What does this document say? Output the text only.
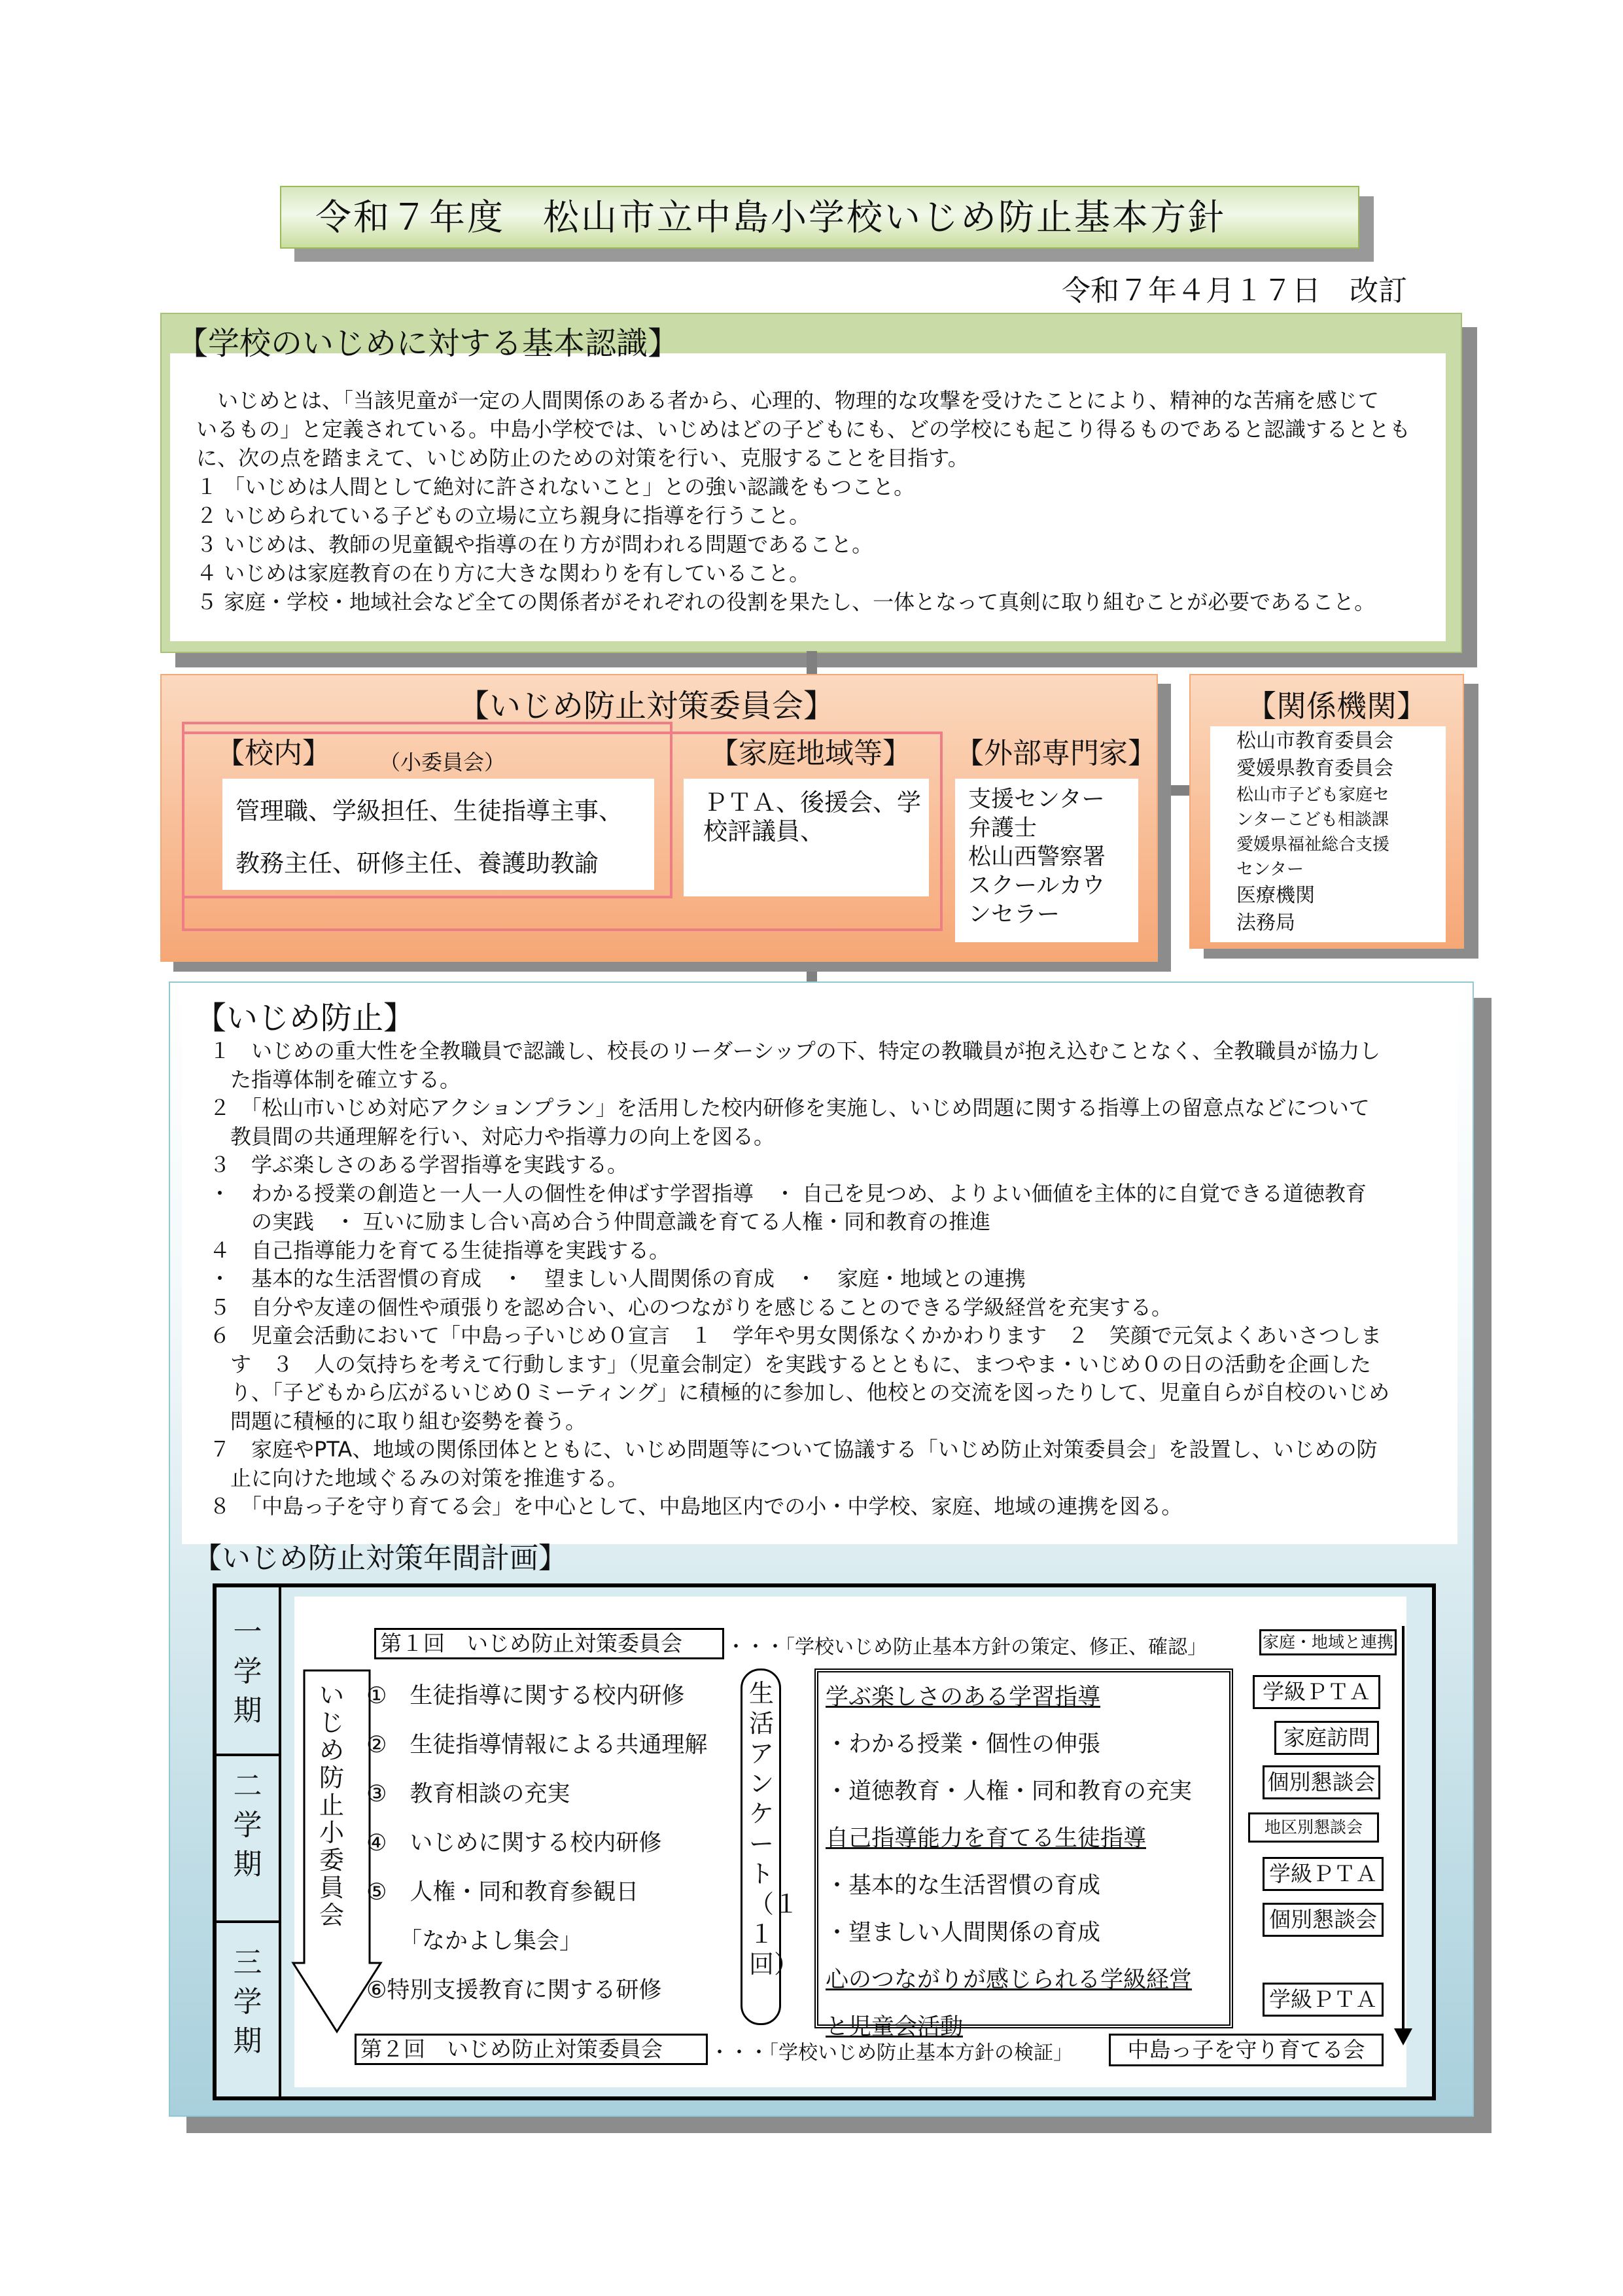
令和７年度　松山市立中島小学校いじめ防止基本方針
令和７年４月１７日　改訂
【学校のいじめに対する基本認識】
　いじめとは、「当該児童が一定の人間関係のある者から、心理的、物理的な攻撃を受けたことにより、精神的な苦痛を感じて
いるもの」と定義されている。中島小学校では、いじめはどの子どもにも、どの学校にも起こり得るものであると認識するととも
に、次の点を踏まえて、いじめ防止のための対策を行い、克服することを目指す。
１ 「いじめは人間として絶対に許されないこと」との強い認識をもつこと。
２ いじめられている子どもの立場に立ち親身に指導を行うこと。
３ いじめは、教師の児童観や指導の在り方が問われる問題であること。
４ いじめは家庭教育の在り方に大きな関わりを有していること。
５ 家庭・学校・地域社会など全ての関係者がそれぞれの役割を果たし、一体となって真剣に取り組むことが必要であること。
【いじめ防止対策委員会】
【校内】 （小委員会）
管理職、学級担任、生徒指導主事、
教務主任、研修主任、養護助教諭
【家庭地域等】
ＰＴＡ、後援会、学
校評議員、
【外部専門家】
支援センター
弁護士
松山西警察署
スクールカウ
ンセラー
【関係機関】
松山市教育委員会
愛媛県教育委員会
松山市子ども家庭セ
ンターこども相談課
愛媛県福祉総合支援
センター
医療機関
法務局
【いじめ防止】
１　いじめの重大性を全教職員で認識し、校長のリーダーシップの下、特定の教職員が抱え込むことなく、全教職員が協力し
　た指導体制を確立する。
２　「松山市いじめ対応アクションプラン」を活用した校内研修を実施し、いじめ問題に関する指導上の留意点などについて
　教員間の共通理解を行い、対応力や指導力の向上を図る。
３　学ぶ楽しさのある学習指導を実践する。
・　わかる授業の創造と一人一人の個性を伸ばす学習指導　・ 自己を見つめ、よりよい価値を主体的に自覚できる道徳教育
　　の実践　・ 互いに励まし合い高め合う仲間意識を育てる人権・同和教育の推進
４　自己指導能力を育てる生徒指導を実践する。
・　基本的な生活習慣の育成　・　望ましい人間関係の育成　・　家庭・地域との連携
５　自分や友達の個性や頑張りを認め合い、心のつながりを感じることのできる学級経営を充実する。
６　児童会活動において「中島っ子いじめ０宣言　１　学年や男女関係なくかかわります　２　笑顔で元気よくあいさつしま
　す　３　人の気持ちを考えて行動します」（児童会制定）を実践するとともに、まつやま・いじめ０の日の活動を企画した
　り、「子どもから広がるいじめ０ミーティング」に積極的に参加し、他校との交流を図ったりして、児童自らが自校のいじめ
　問題に積極的に取り組む姿勢を養う。
７　家庭やPTA、地域の関係団体とともに、いじめ問題等について協議する「いじめ防止対策委員会」を設置し、いじめの防
　止に向けた地域ぐるみの対策を推進する。
８　「中島っ子を守り育てる会」を中心として、中島地区内での小・中学校、家庭、地域の連携を図る。
【いじめ防止対策年間計画】
一学期
二学期
三学期
第１回　いじめ防止対策委員会	・・・「学校いじめ防止基本方針の策定、修正、確認」	家庭・地域と連携
いじめ防止小委員会
①　生徒指導に関する校内研修
②　生徒指導情報による共通理解
③　教育相談の充実
④　いじめに関する校内研修
⑤　人権・同和教育参観日
「なかよし集会」
⑥特別支援教育に関する研修
生活アンケート（１１回）
学ぶ楽しさのある学習指導
・わかる授業・個性の伸張
・道徳教育・人権・同和教育の充実
自己指導能力を育てる生徒指導
・基本的な生活習慣の育成
・望ましい人間関係の育成
心のつながりが感じられる学級経営
と児童会活動
学級ＰＴＡ
家庭訪問
個別懇談会
地区別懇談会
学級ＰＴＡ
個別懇談会
学級ＰＴＡ
第２回　いじめ防止対策委員会	・・・「学校いじめ防止基本方針の検証」	中島っ子を守り育てる会
